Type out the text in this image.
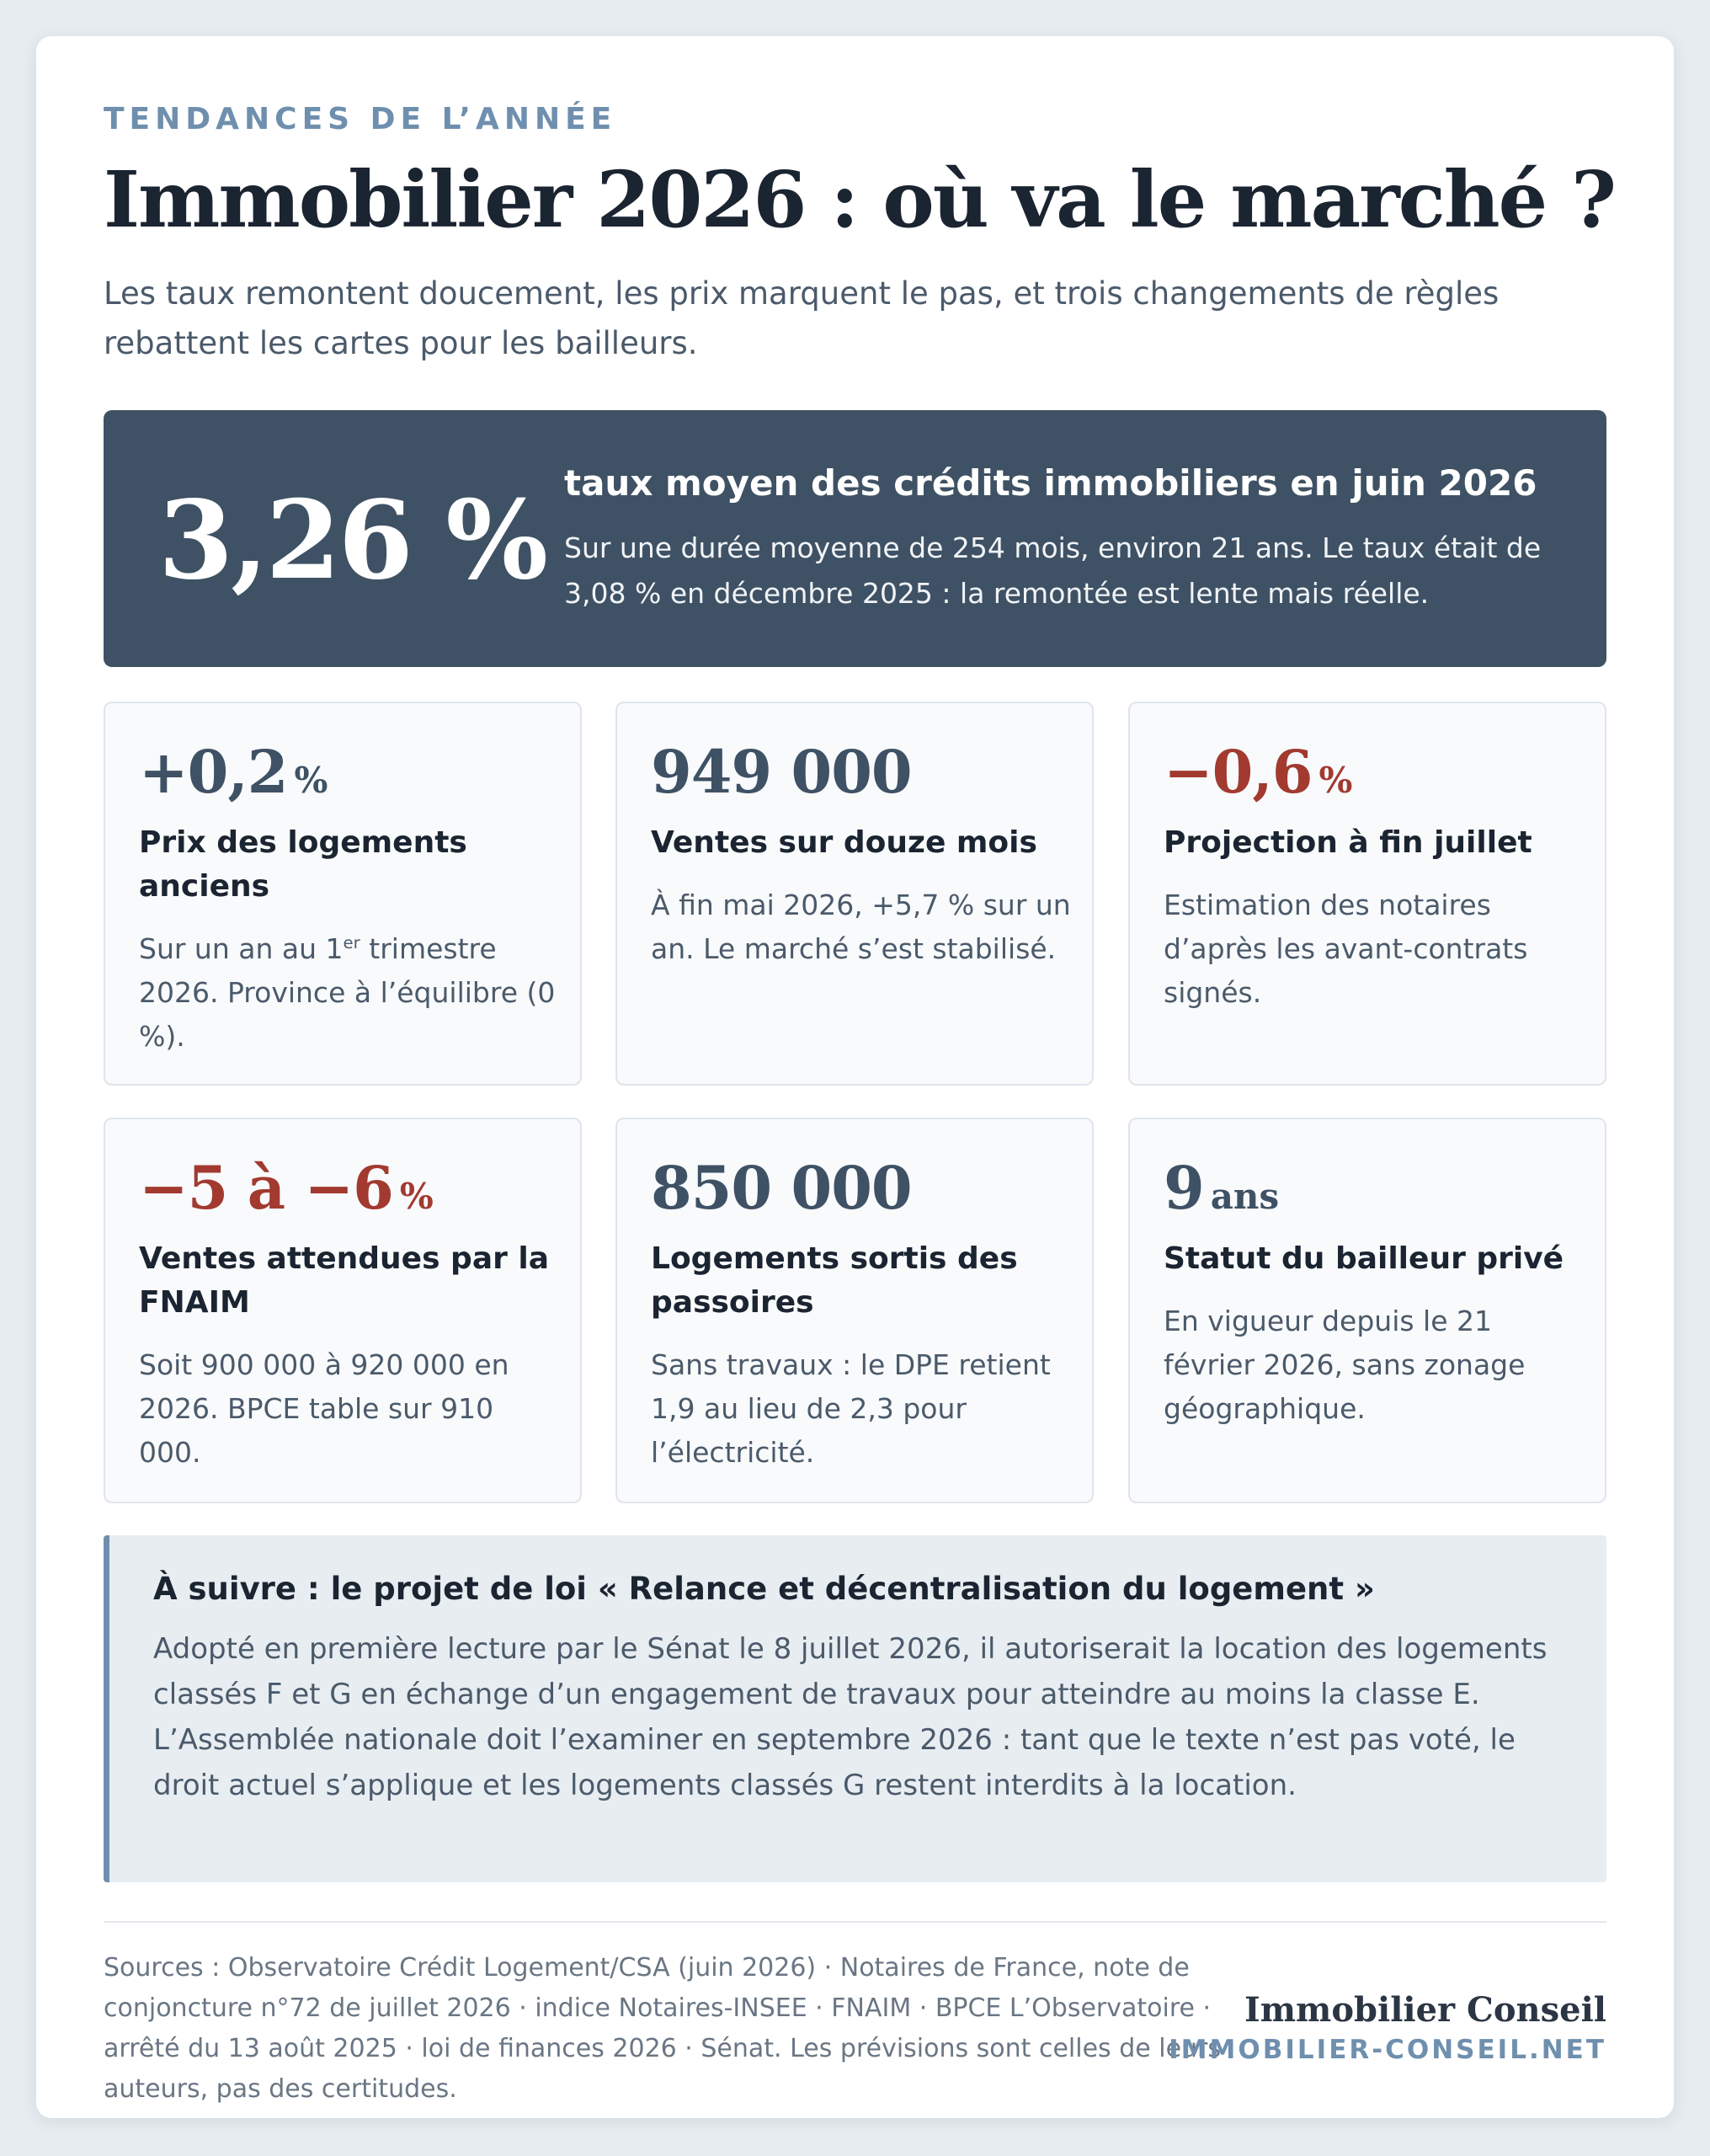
TENDANCES DE L’ANNÉE
Immobilier 2026 : où va le marché ?
Les taux remontent doucement, les prix marquent le pas, et trois changements de règles rebattent les cartes pour les bailleurs.
3,26 % taux moyen des crédits immobiliers en juin 2026
Sur une durée moyenne de 254 mois, environ 21 ans. Le taux était de 3,08 % en décembre 2025 : la remontée est lente mais réelle.
+0,2 %
Prix des logements anciens
Sur un an au 1er trimestre 2026. Province à l’équilibre (0 %).
949 000
Ventes sur douze mois
À fin mai 2026, +5,7 % sur un an. Le marché s’est stabilisé.
−0,6 %
Projection à fin juillet
Estimation des notaires d’après les avant-contrats signés.
−5 à −6 %
Ventes attendues par la FNAIM
Soit 900 000 à 920 000 en 2026. BPCE table sur 910 000.
850 000
Logements sortis des passoires
Sans travaux : le DPE retient 1,9 au lieu de 2,3 pour l’électricité.
9 ans
Statut du bailleur privé
En vigueur depuis le 21 février 2026, sans zonage géographique.
À suivre : le projet de loi « Relance et décentralisation du logement »
Adopté en première lecture par le Sénat le 8 juillet 2026, il autoriserait la location des logements classés F et G en échange d’un engagement de travaux pour atteindre au moins la classe E. L’Assemblée nationale doit l’examiner en septembre 2026 : tant que le texte n’est pas voté, le droit actuel s’applique et les logements classés G restent interdits à la location.
Sources : Observatoire Crédit Logement/CSA (juin 2026) · Notaires de France, note de conjoncture n°72 de juillet 2026 · indice Notaires-INSEE · FNAIM · BPCE L’Observatoire · arrêté du 13 août 2025 · loi de finances 2026 · Sénat. Les prévisions sont celles de leurs auteurs, pas des certitudes.
Immobilier Conseil
IMMOBILIER-CONSEIL.NET
